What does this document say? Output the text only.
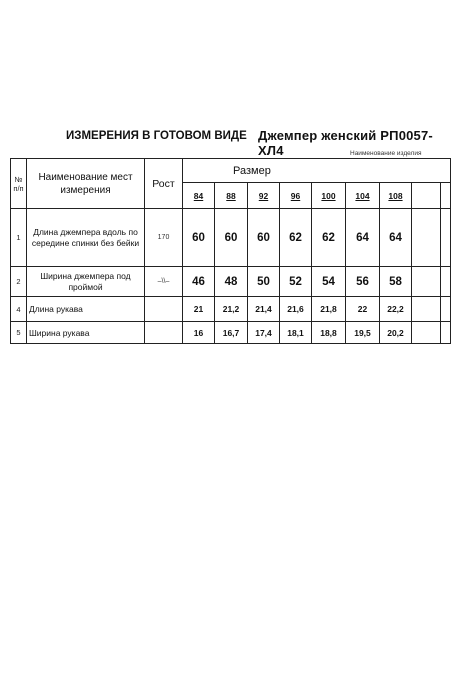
ИЗМЕРЕНИЯ В ГОТОВОМ ВИДЕ Джемпер женский РП0057-ХЛ4	Наименование изделия
№ п/п	Наименование мест измерения	Рост	Размер								
			84	88	92	96	100	104	108		
1	Длина джемпера вдоль по середине спинки без бейки	170	60	60	60	62	62	64	64		
2	Ширина джемпера под проймой	–\\–	46	48	50	52	54	56	58		
4	Длина рукава		21	21,2	21,4	21,6	21,8	22	22,2		
5	Ширина рукава		16	16,7	17,4	18,1	18,8	19,5	20,2		
